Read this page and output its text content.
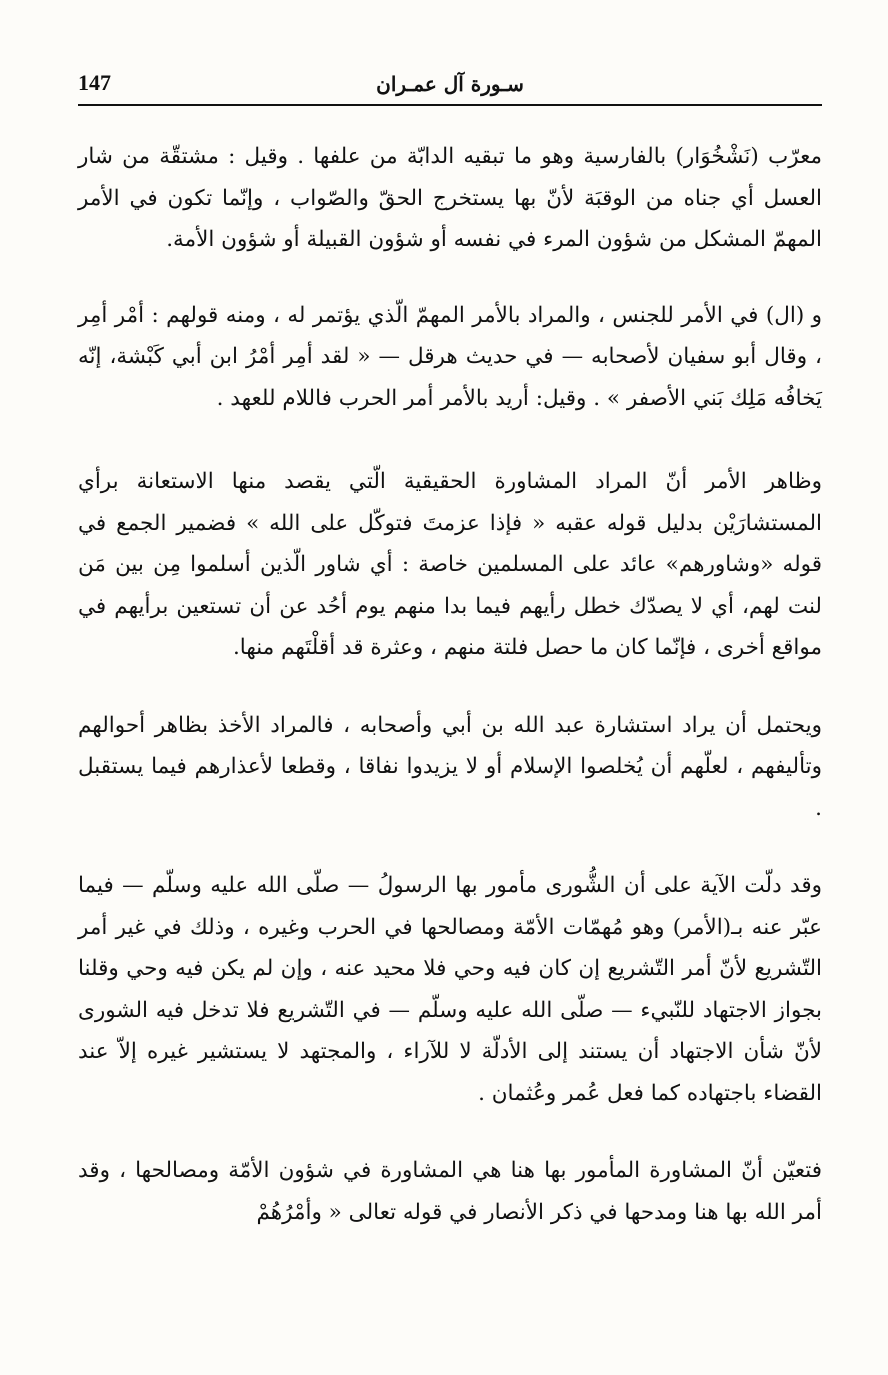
147	سـورة آل عمـران

معرّب (نَشْخُوَار) بالفارسية وهو ما تبقيه الدابّة من علفها . وقيل : مشتقّة من شار العسل أي جناه من الوقبَة لأنّ بها يستخرج الحقّ والصّواب ، وإنّما تكون في الأمر المهمّ المشكل من شؤون المرء في نفسه أو شؤون القبيلة أو شؤون الأمة.

و (ال) في الأمر للجنس ، والمراد بالأمر المهمّ الّذي يؤتمر له ، ومنه قولهم : أمْر أمِر ، وقال أبو سفيان لأصحابه — في حديث هرقل — « لقد أمِر أمْرُ ابن أبي كَبْشة، إنّه يَخافُه مَلِك بَني الأصفر » . وقيل: أريد بالأمر أمر الحرب فاللام للعهد .

وظاهر الأمر أنّ المراد المشاورة الحقيقية الّتي يقصد منها الاستعانة برأي المستشارَيْن بدليل قوله عقبه « فإذا عزمتَ فتوكّل على الله » فضمير الجمع في قوله «وشاورهم» عائد على المسلمين خاصة : أي شاور الّذين أسلموا مِن بين مَن لنت لهم، أي لا يصدّك خطل رأيهم فيما بدا منهم يوم أحُد عن أن تستعين برأيهم في مواقع أخرى ، فإنّما كان ما حصل فلتة منهم ، وعثرة قد أقلْتَهم منها.

ويحتمل أن يراد استشارة عبد الله بن أبي وأصحابه ، فالمراد الأخذ بظاهر أحوالهم وتأليفهم ، لعلّهم أن يُخلصوا الإسلام أو لا يزيدوا نفاقا ، وقطعا لأعذارهم فيما يستقبل .

وقد دلّت الآية على أن الشُّورى مأمور بها الرسولُ — صلّى الله عليه وسلّم — فيما عبّر عنه بـ(الأمر) وهو مُهمّات الأمّة ومصالحها في الحرب وغيره ، وذلك في غير أمر التّشريع لأنّ أمر التّشريع إن كان فيه وحي فلا محيد عنه ، وإن لم يكن فيه وحي وقلنا بجواز الاجتهاد للنّبيء — صلّى الله عليه وسلّم — في التّشريع فلا تدخل فيه الشورى لأنّ شأن الاجتهاد أن يستند إلى الأدلّة لا للآراء ، والمجتهد لا يستشير غيره إلاّ عند القضاء باجتهاده كما فعل عُمر وعُثمان .

فتعيّن أنّ المشاورة المأمور بها هنا هي المشاورة في شؤون الأمّة ومصالحها ، وقد أمر الله بها هنا ومدحها في ذكر الأنصار في قوله تعالى « وأمْرُهُمْ
